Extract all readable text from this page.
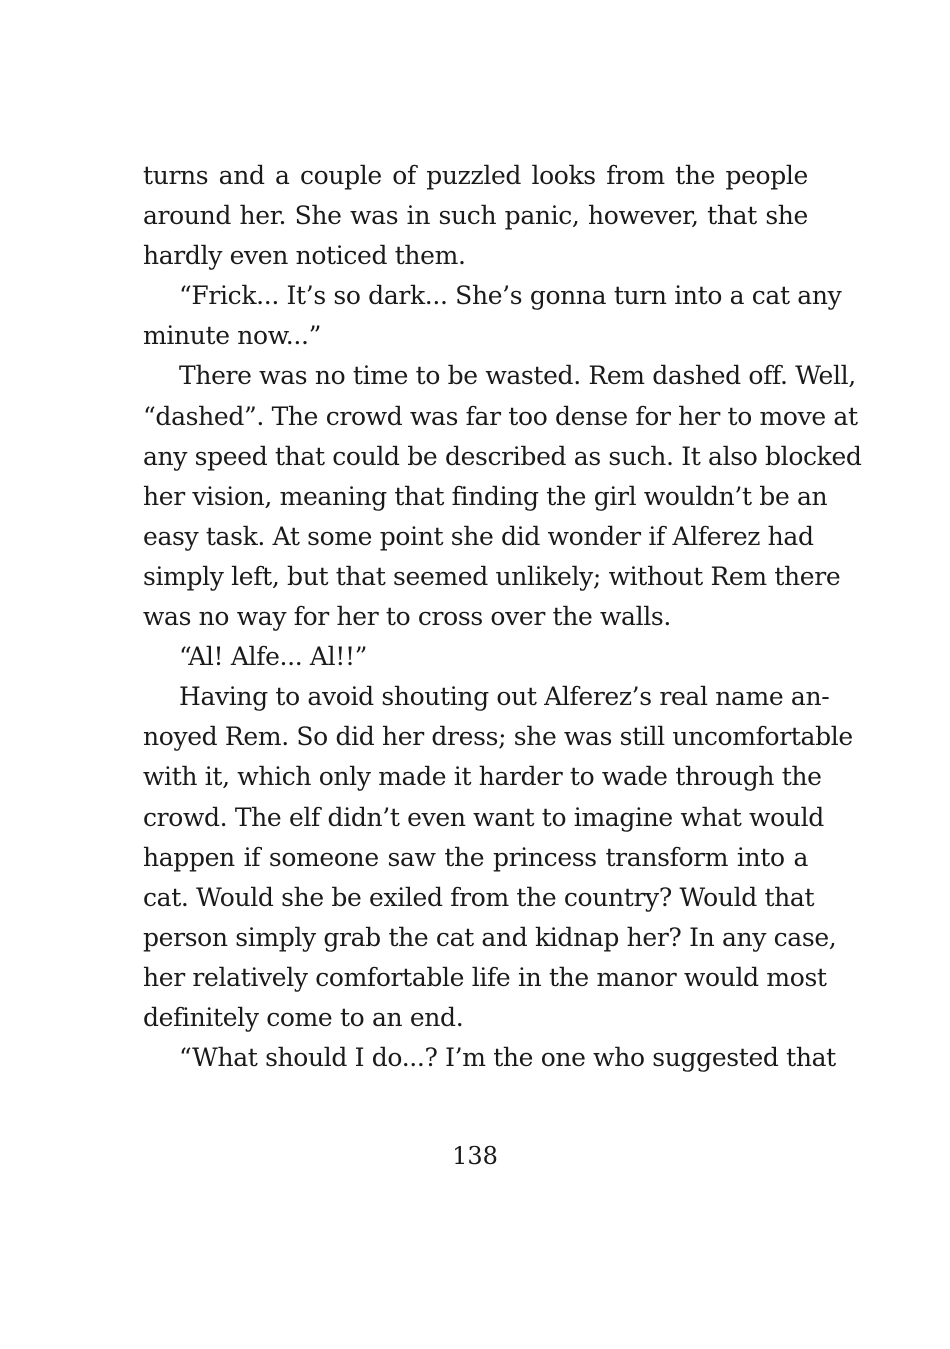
turns and a couple of puzzled looks from the people
around her. She was in such panic, however, that she
hardly even noticed them.
“Frick... It’s so dark... She’s gonna turn into a cat any
minute now...”
There was no time to be wasted. Rem dashed off. Well,
“dashed”. The crowd was far too dense for her to move at
any speed that could be described as such. It also blocked
her vision, meaning that finding the girl wouldn’t be an
easy task. At some point she did wonder if Alferez had
simply left, but that seemed unlikely; without Rem there
was no way for her to cross over the walls.
“Al! Alfe... Al!!”
Having to avoid shouting out Alferez’s real name an-
noyed Rem. So did her dress; she was still uncomfortable
with it, which only made it harder to wade through the
crowd. The elf didn’t even want to imagine what would
happen if someone saw the princess transform into a
cat. Would she be exiled from the country? Would that
person simply grab the cat and kidnap her? In any case,
her relatively comfortable life in the manor would most
definitely come to an end.
“What should I do...? I’m the one who suggested that
138
